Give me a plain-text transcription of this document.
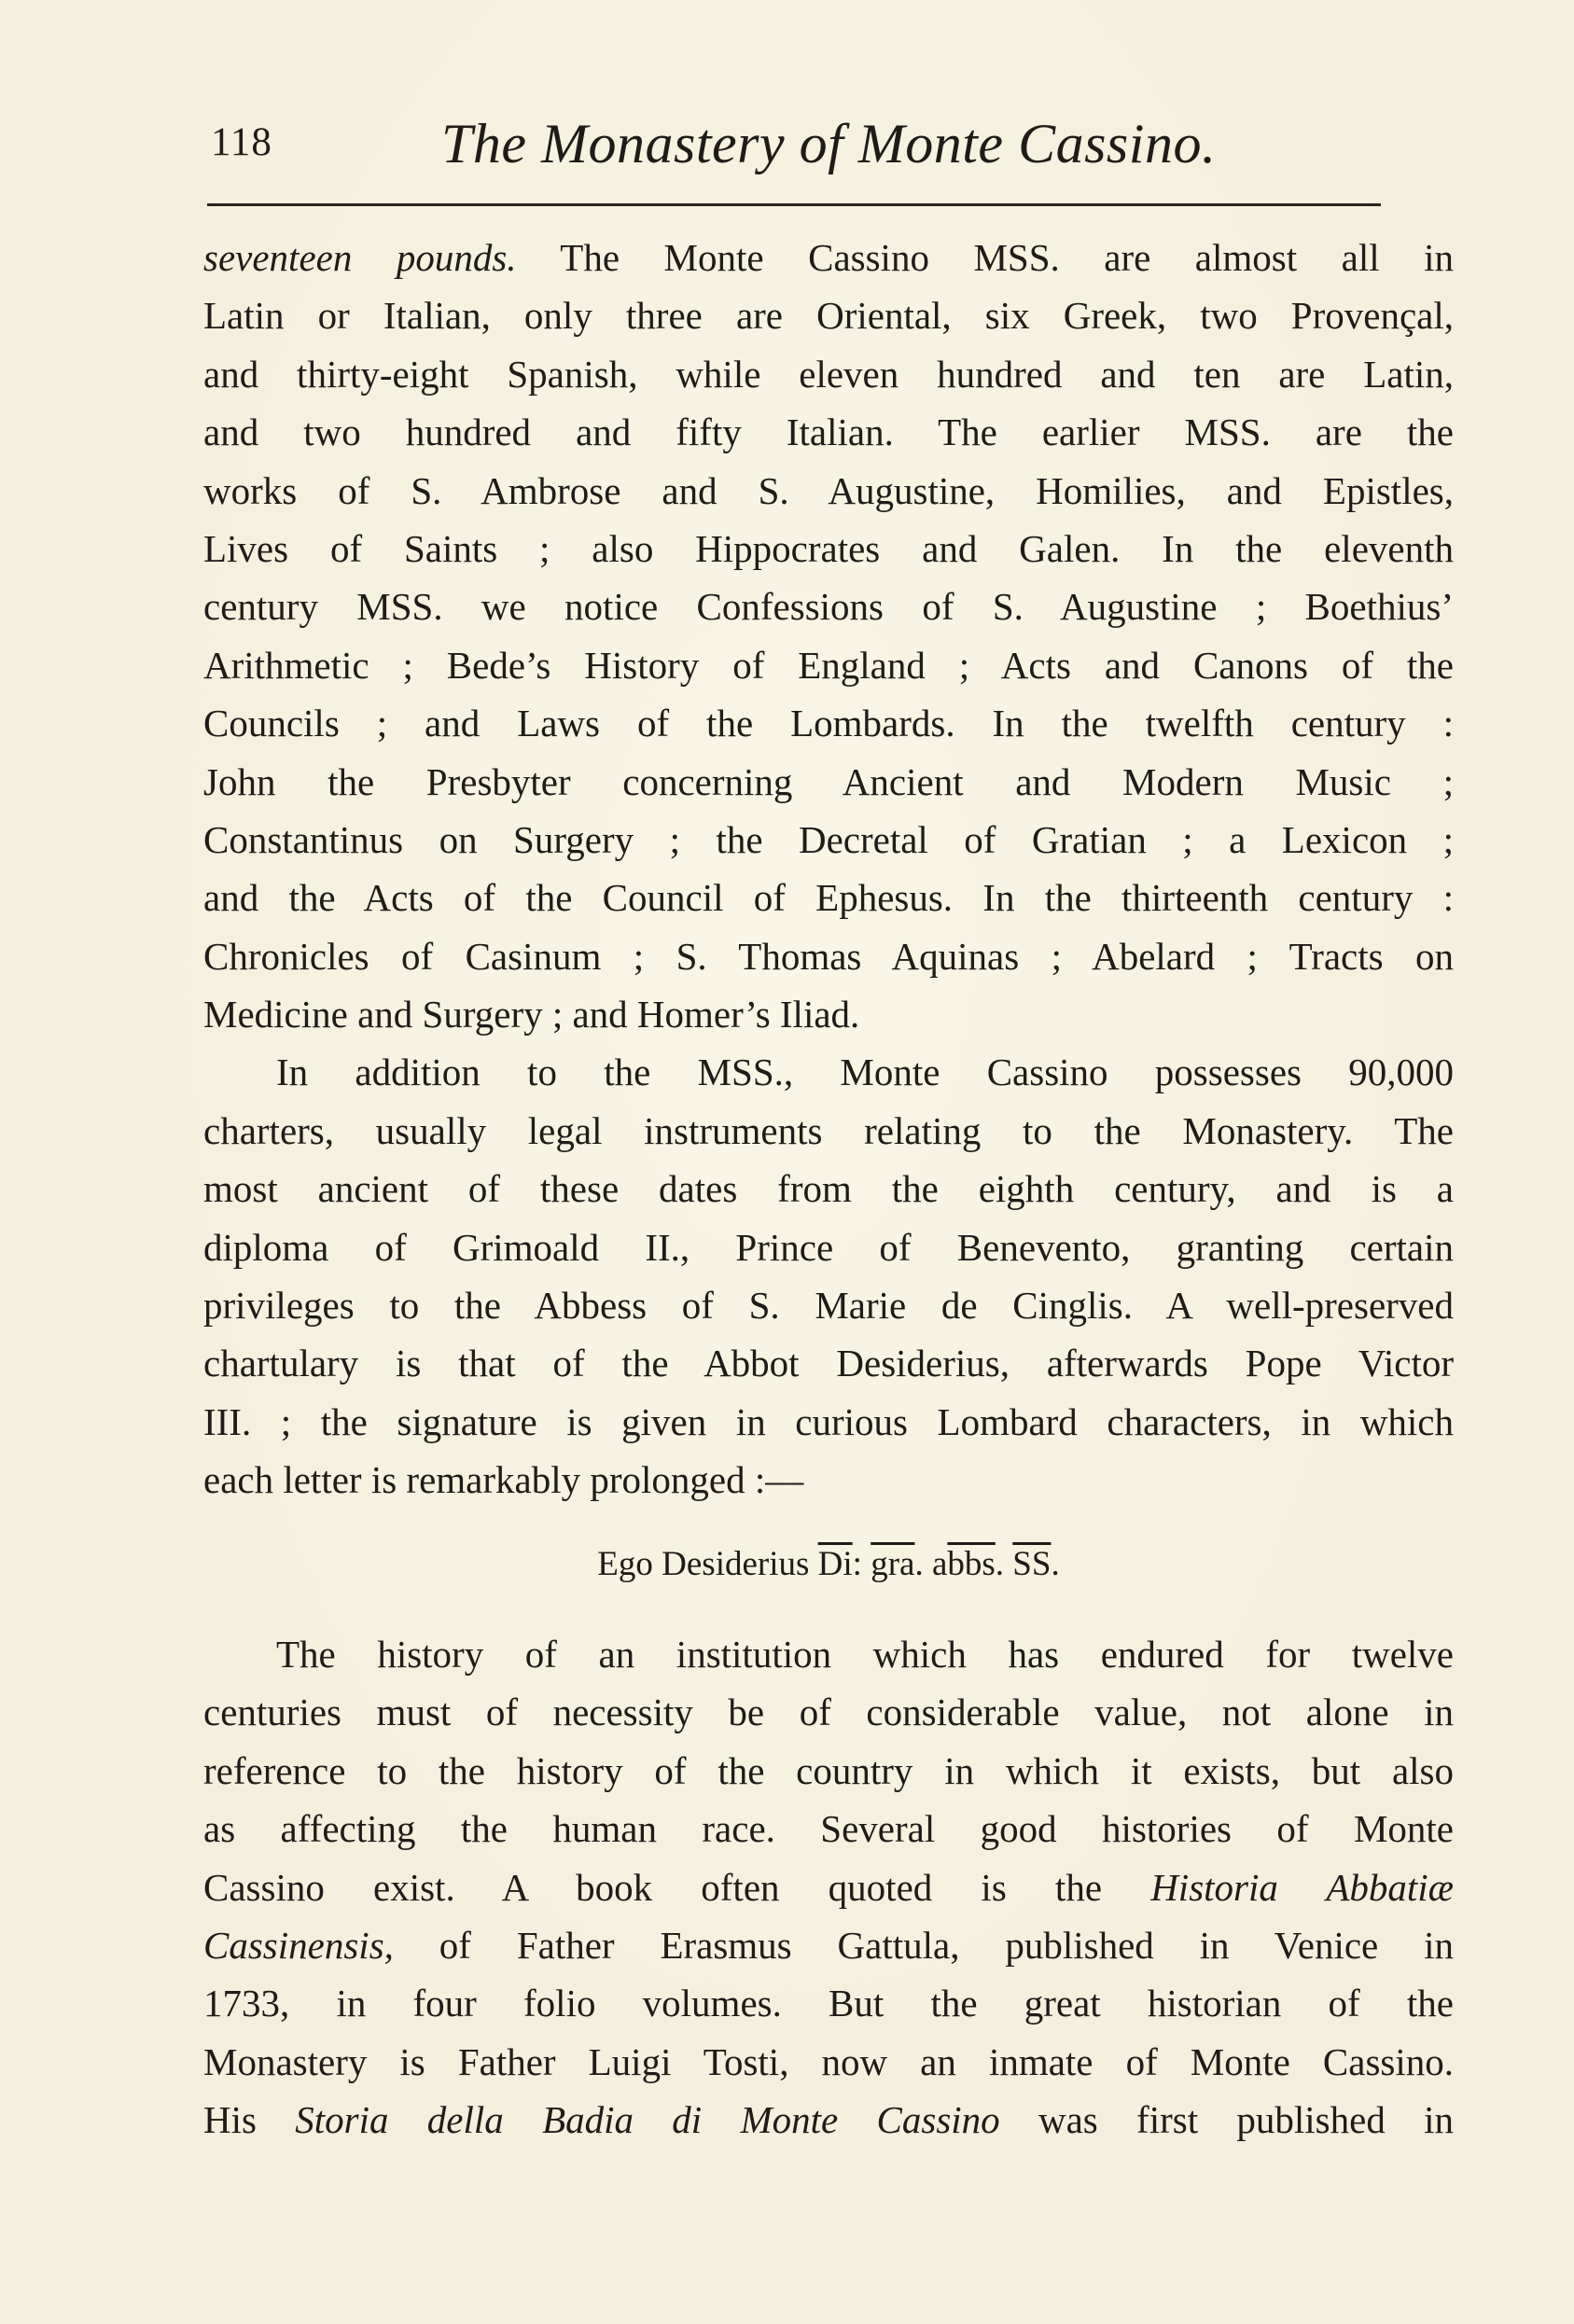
118	The Monastery of Monte Cassino.
seventeen pounds. The Monte Cassino MSS. are almost all in
Latin or Italian, only three are Oriental, six Greek, two Provençal,
and thirty-eight Spanish, while eleven hundred and ten are Latin,
and two hundred and fifty Italian. The earlier MSS. are the
works of S. Ambrose and S. Augustine, Homilies, and Epistles,
Lives of Saints ; also Hippocrates and Galen. In the eleventh
century MSS. we notice Confessions of S. Augustine ; Boethius’
Arithmetic ; Bede’s History of England ; Acts and Canons of the
Councils ; and Laws of the Lombards. In the twelfth century :
John the Presbyter concerning Ancient and Modern Music ;
Constantinus on Surgery ; the Decretal of Gratian ; a Lexicon ;
and the Acts of the Council of Ephesus. In the thirteenth century :
Chronicles of Casinum ; S. Thomas Aquinas ; Abelard ; Tracts on
Medicine and Surgery ; and Homer’s Iliad.
In addition to the MSS., Monte Cassino possesses 90,000
charters, usually legal instruments relating to the Monastery. The
most ancient of these dates from the eighth century, and is a
diploma of Grimoald II., Prince of Benevento, granting certain
privileges to the Abbess of S. Marie de Cinglis. A well-preserved
chartulary is that of the Abbot Desiderius, afterwards Pope Victor
III. ; the signature is given in curious Lombard characters, in which
each letter is remarkably prolonged :—
Ego Desiderius $\overline{Di}$: $\overline{gra}$. $a\overline{bbs}$. $\overline{SS}$.
The history of an institution which has endured for twelve
centuries must of necessity be of considerable value, not alone in
reference to the history of the country in which it exists, but also
as affecting the human race. Several good histories of Monte
Cassino exist. A book often quoted is the Historia Abbatiæ
Cassinensis, of Father Erasmus Gattula, published in Venice in
1733, in four folio volumes. But the great historian of the
Monastery is Father Luigi Tosti, now an inmate of Monte Cassino.
His Storia della Badia di Monte Cassino was first published in
